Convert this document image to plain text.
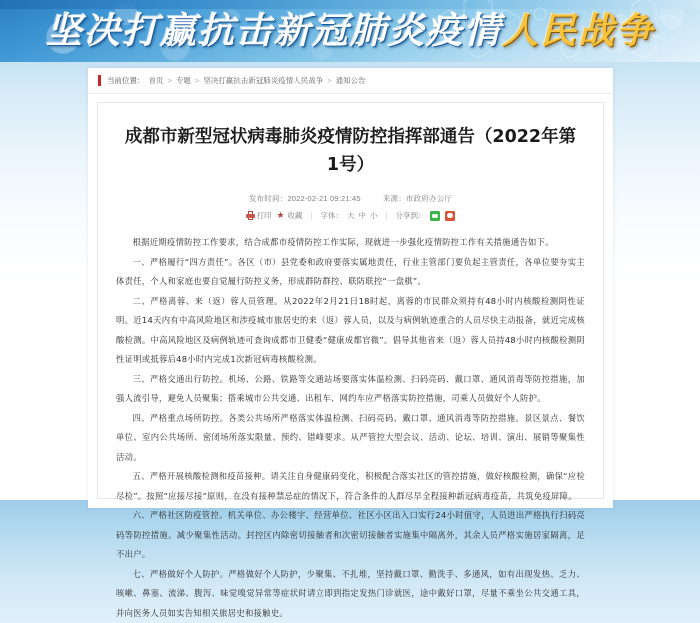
坚决打赢抗击新冠肺炎疫情人民战争
当前位置： 首页 > 专题 > 坚决打赢抗击新冠肺炎疫情人民战争 > 通知公告
成都市新型冠状病毒肺炎疫情防控指挥部通告（2022年第1号）
发布时间：2022-02-21 09:21:45	来源：市政府办公厅
打印 ★ 收藏 | 字体： 大 中 小 | 分享到：

根据近期疫情防控工作要求，结合成都市疫情防控工作实际，现就进一步强化疫情防控工作有关措施通告如下。

一、严格履行“四方责任”。各区（市）县党委和政府要落实属地责任，行业主管部门要负起主管责任，各单位要夯实主体责任，个人和家庭也要自觉履行防控义务，形成群防群控、联防联控“一盘棋”。

二、严格离蓉、来（返）蓉人员管理。从2022年2月21日18时起，离蓉的市民群众须持有48小时内核酸检测阴性证明。近14天内有中高风险地区和涉疫城市旅居史的来（返）蓉人员，以及与病例轨迹重合的人员尽快主动报备，就近完成核酸检测。中高风险地区及病例轨迹可查询成都市卫健委“健康成都官微”。倡导其他省来（返）蓉人员持48小时内核酸检测阴性证明或抵蓉后48小时内完成1次新冠病毒核酸检测。

三、严格交通出行防控。机场、公路、铁路等交通站场要落实体温检测、扫码亮码、戴口罩、通风消毒等防控措施，加强人流引导，避免人员聚集；搭乘城市公共交通、出租车、网约车应严格落实防控措施，司乘人员做好个人防护。

四、严格重点场所防控。各类公共场所严格落实体温检测、扫码亮码、戴口罩、通风消毒等防控措施。景区景点、餐饮单位、室内公共场所、密闭场所落实限量、预约、错峰要求。从严管控大型会议、活动、论坛、培训、演出、展销等聚集性活动。

五、严格开展核酸检测和疫苗接种。请关注自身健康码变化，积极配合落实社区的管控措施，做好核酸检测，确保“应检尽检”。按照“应接尽接”原则，在没有接种禁忌症的情况下，符合条件的人群尽早全程接种新冠病毒疫苗，共筑免疫屏障。

六、严格社区防疫管控。机关单位、办公楼宇、经营单位、社区小区出入口实行24小时值守，人员进出严格执行扫码亮码等防控措施。减少聚集性活动。封控区内除密切接触者和次密切接触者实施集中隔离外，其余人员严格实施居家隔离，足不出户。

七、严格做好个人防护。严格做好个人防护，少聚集、不扎堆，坚持戴口罩、勤洗手、多通风，如有出现发热、乏力、咳嗽、鼻塞、流涕、腹泻、味觉嗅觉异常等症状时请立即到指定发热门诊就医，途中戴好口罩，尽量不乘坐公共交通工具，并向医务人员如实告知相关旅居史和接触史。
